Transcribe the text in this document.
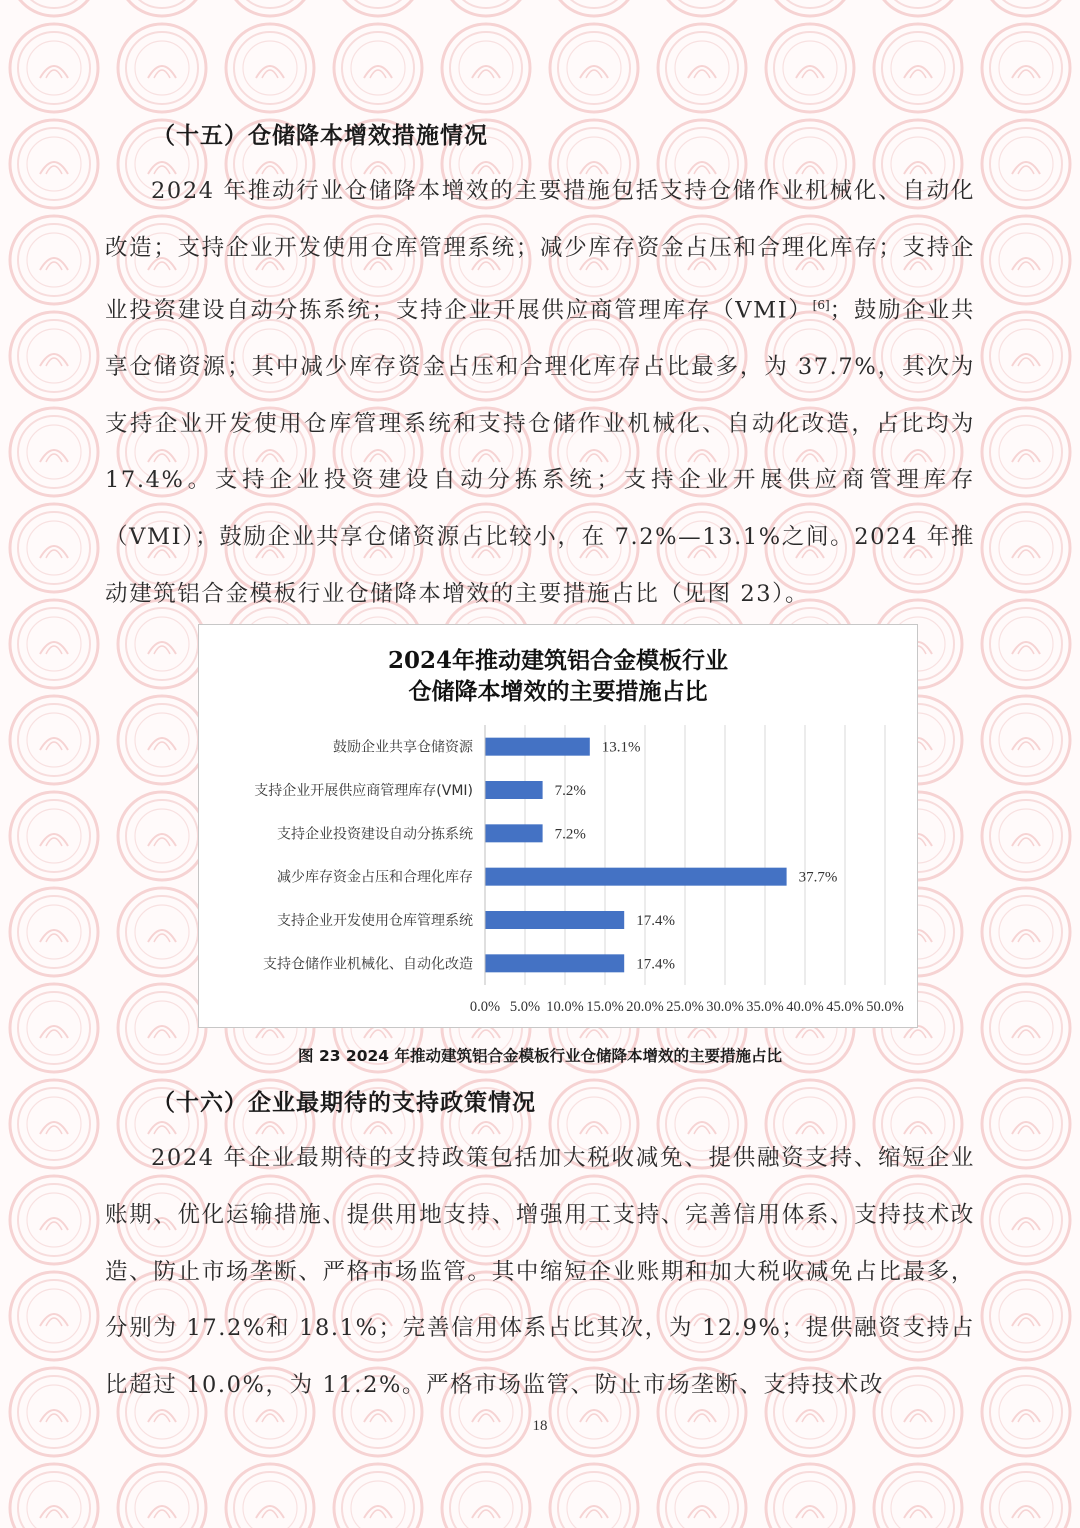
（十五）仓储降本增效措施情况

2024 年推动行业仓储降本增效的主要措施包括支持仓储作业机械化、自动化改造；支持企业开发使用仓库管理系统；减少库存资金占压和合理化库存；支持企业投资建设自动分拣系统；支持企业开展供应商管理库存（VMI）[6]；鼓励企业共享仓储资源；其中减少库存资金占压和合理化库存占比最多，为 37.7%，其次为支持企业开发使用仓库管理系统和支持仓储作业机械化、自动化改造，占比均为 17.4%。支持企业投资建设自动分拣系统；支持企业开展供应商管理库存（VMI）；鼓励企业共享仓储资源占比较小，在 7.2%—13.1%之间。2024 年推动建筑铝合金模板行业仓储降本增效的主要措施占比（见图 23）。

2024年推动建筑铝合金模板行业
仓储降本增效的主要措施占比
0.0% 5.0% 10.0% 15.0% 20.0% 25.0% 30.0% 35.0% 40.0% 45.0% 50.0%
鼓励企业共享仓储资源	13.1%
支持企业开展供应商管理库存(VMI)	7.2%
支持企业投资建设自动分拣系统	7.2%
减少库存资金占压和合理化库存	37.7%
支持企业开发使用仓库管理系统	17.4%
支持仓储作业机械化、自动化改造	17.4%
图 23 2024 年推动建筑铝合金模板行业仓储降本增效的主要措施占比
（十六）企业最期待的支持政策情况

2024 年企业最期待的支持政策包括加大税收减免、提供融资支持、缩短企业账期、优化运输措施、提供用地支持、增强用工支持、完善信用体系、支持技术改造、防止市场垄断、严格市场监管。其中缩短企业账期和加大税收减免占比最多，分别为 17.2%和 18.1%；完善信用体系占比其次，为 12.9%；提供融资支持占比超过 10.0%，为 11.2%。严格市场监管、防止市场垄断、支持技术改

18
